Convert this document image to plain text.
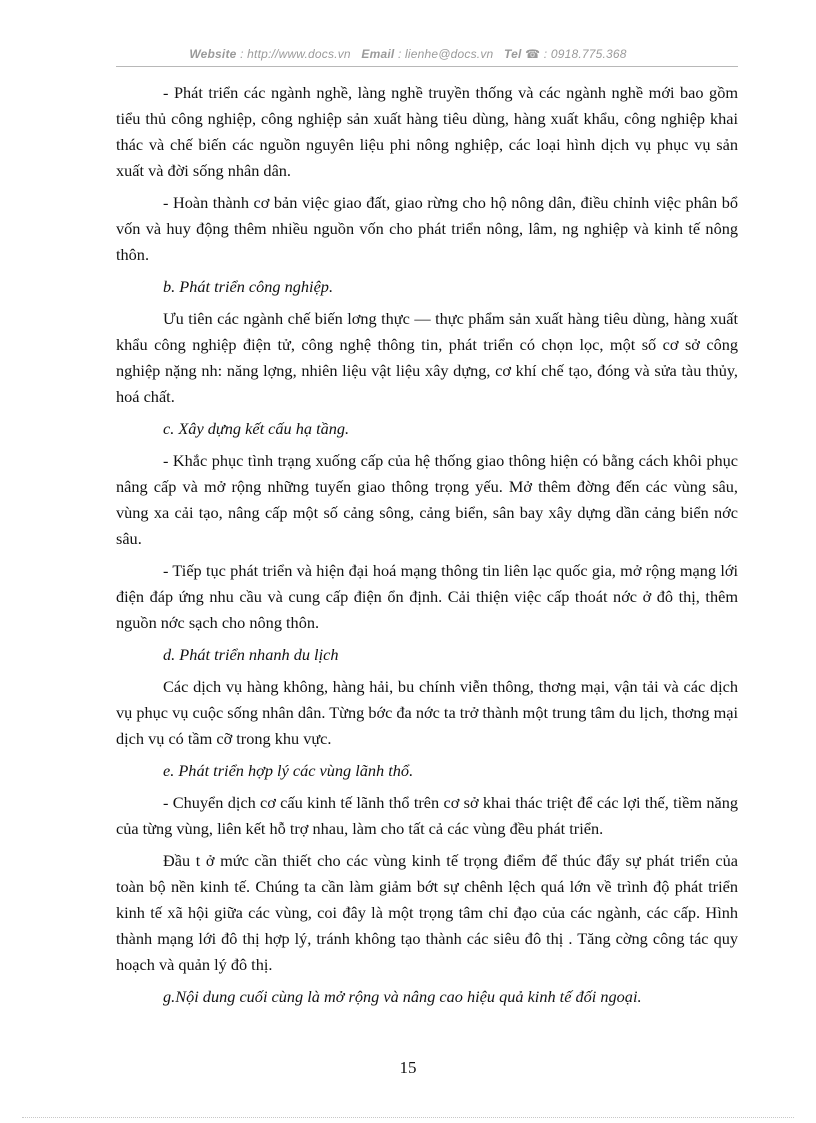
Website : http://www.docs.vn Email : lienhe@docs.vn Tel ☎ : 0918.775.368

- Phát triển các ngành nghề, làng nghề truyền thống và các ngành nghề mới bao gồm tiểu thủ công nghiệp, công nghiệp sản xuất hàng tiêu dùng, hàng xuất khẩu, công nghiệp khai thác và chế biến các nguồn nguyên liệu phi nông nghiệp, các loại hình dịch vụ phục vụ sản xuất và đời sống nhân dân.

- Hoàn thành cơ bản việc giao đất, giao rừng cho hộ nông dân, điều chỉnh việc phân bổ vốn và huy động thêm nhiều nguồn vốn cho phát triển nông, lâm, ng nghiệp và kinh tế nông thôn.

b. Phát triển công nghiệp.

Ưu tiên các ngành chế biến lơng thực — thực phẩm sản xuất hàng tiêu dùng, hàng xuất khẩu công nghiệp điện tử, công nghệ thông tin, phát triển có chọn lọc, một số cơ sở công nghiệp nặng nh: năng lợng, nhiên liệu vật liệu xây dựng, cơ khí chế tạo, đóng và sửa tàu thủy, hoá chất.

c. Xây dựng kết cấu hạ tầng.

- Khắc phục tình trạng xuống cấp của hệ thống giao thông hiện có bằng cách khôi phục nâng cấp và mở rộng những tuyến giao thông trọng yếu. Mở thêm đờng đến các vùng sâu, vùng xa cải tạo, nâng cấp một số cảng sông, cảng biển, sân bay xây dựng dần cảng biển nớc sâu.

- Tiếp tục phát triển và hiện đại hoá mạng thông tin liên lạc quốc gia, mở rộng mạng lới điện đáp ứng nhu cầu và cung cấp điện ổn định. Cải thiện việc cấp thoát nớc ở đô thị, thêm nguồn nớc sạch cho nông thôn.

d. Phát triển nhanh du lịch

Các dịch vụ hàng không, hàng hải, bu chính viễn thông, thơng mại, vận tải và các dịch vụ phục vụ cuộc sống nhân dân. Từng bớc đa nớc ta trở thành một trung tâm du lịch, thơng mại dịch vụ có tầm cỡ trong khu vực.

e. Phát triển hợp lý các vùng lãnh thổ.

- Chuyển dịch cơ cấu kinh tế lãnh thổ trên cơ sở khai thác triệt để các lợi thế, tiềm năng của từng vùng, liên kết hỗ trợ nhau, làm cho tất cả các vùng đều phát triển.

Đầu t ở mức cần thiết cho các vùng kinh tế trọng điểm để thúc đẩy sự phát triển của toàn bộ nền kinh tế. Chúng ta cần làm giảm bớt sự chênh lệch quá lớn về trình độ phát triển kinh tế xã hội giữa các vùng, coi đây là một trọng tâm chỉ đạo của các ngành, các cấp. Hình thành mạng lới đô thị hợp lý, tránh không tạo thành các siêu đô thị . Tăng cờng công tác quy hoạch và quản lý đô thị.

g.Nội dung cuối cùng là mở rộng và nâng cao hiệu quả kinh tế đối ngoại.

15
